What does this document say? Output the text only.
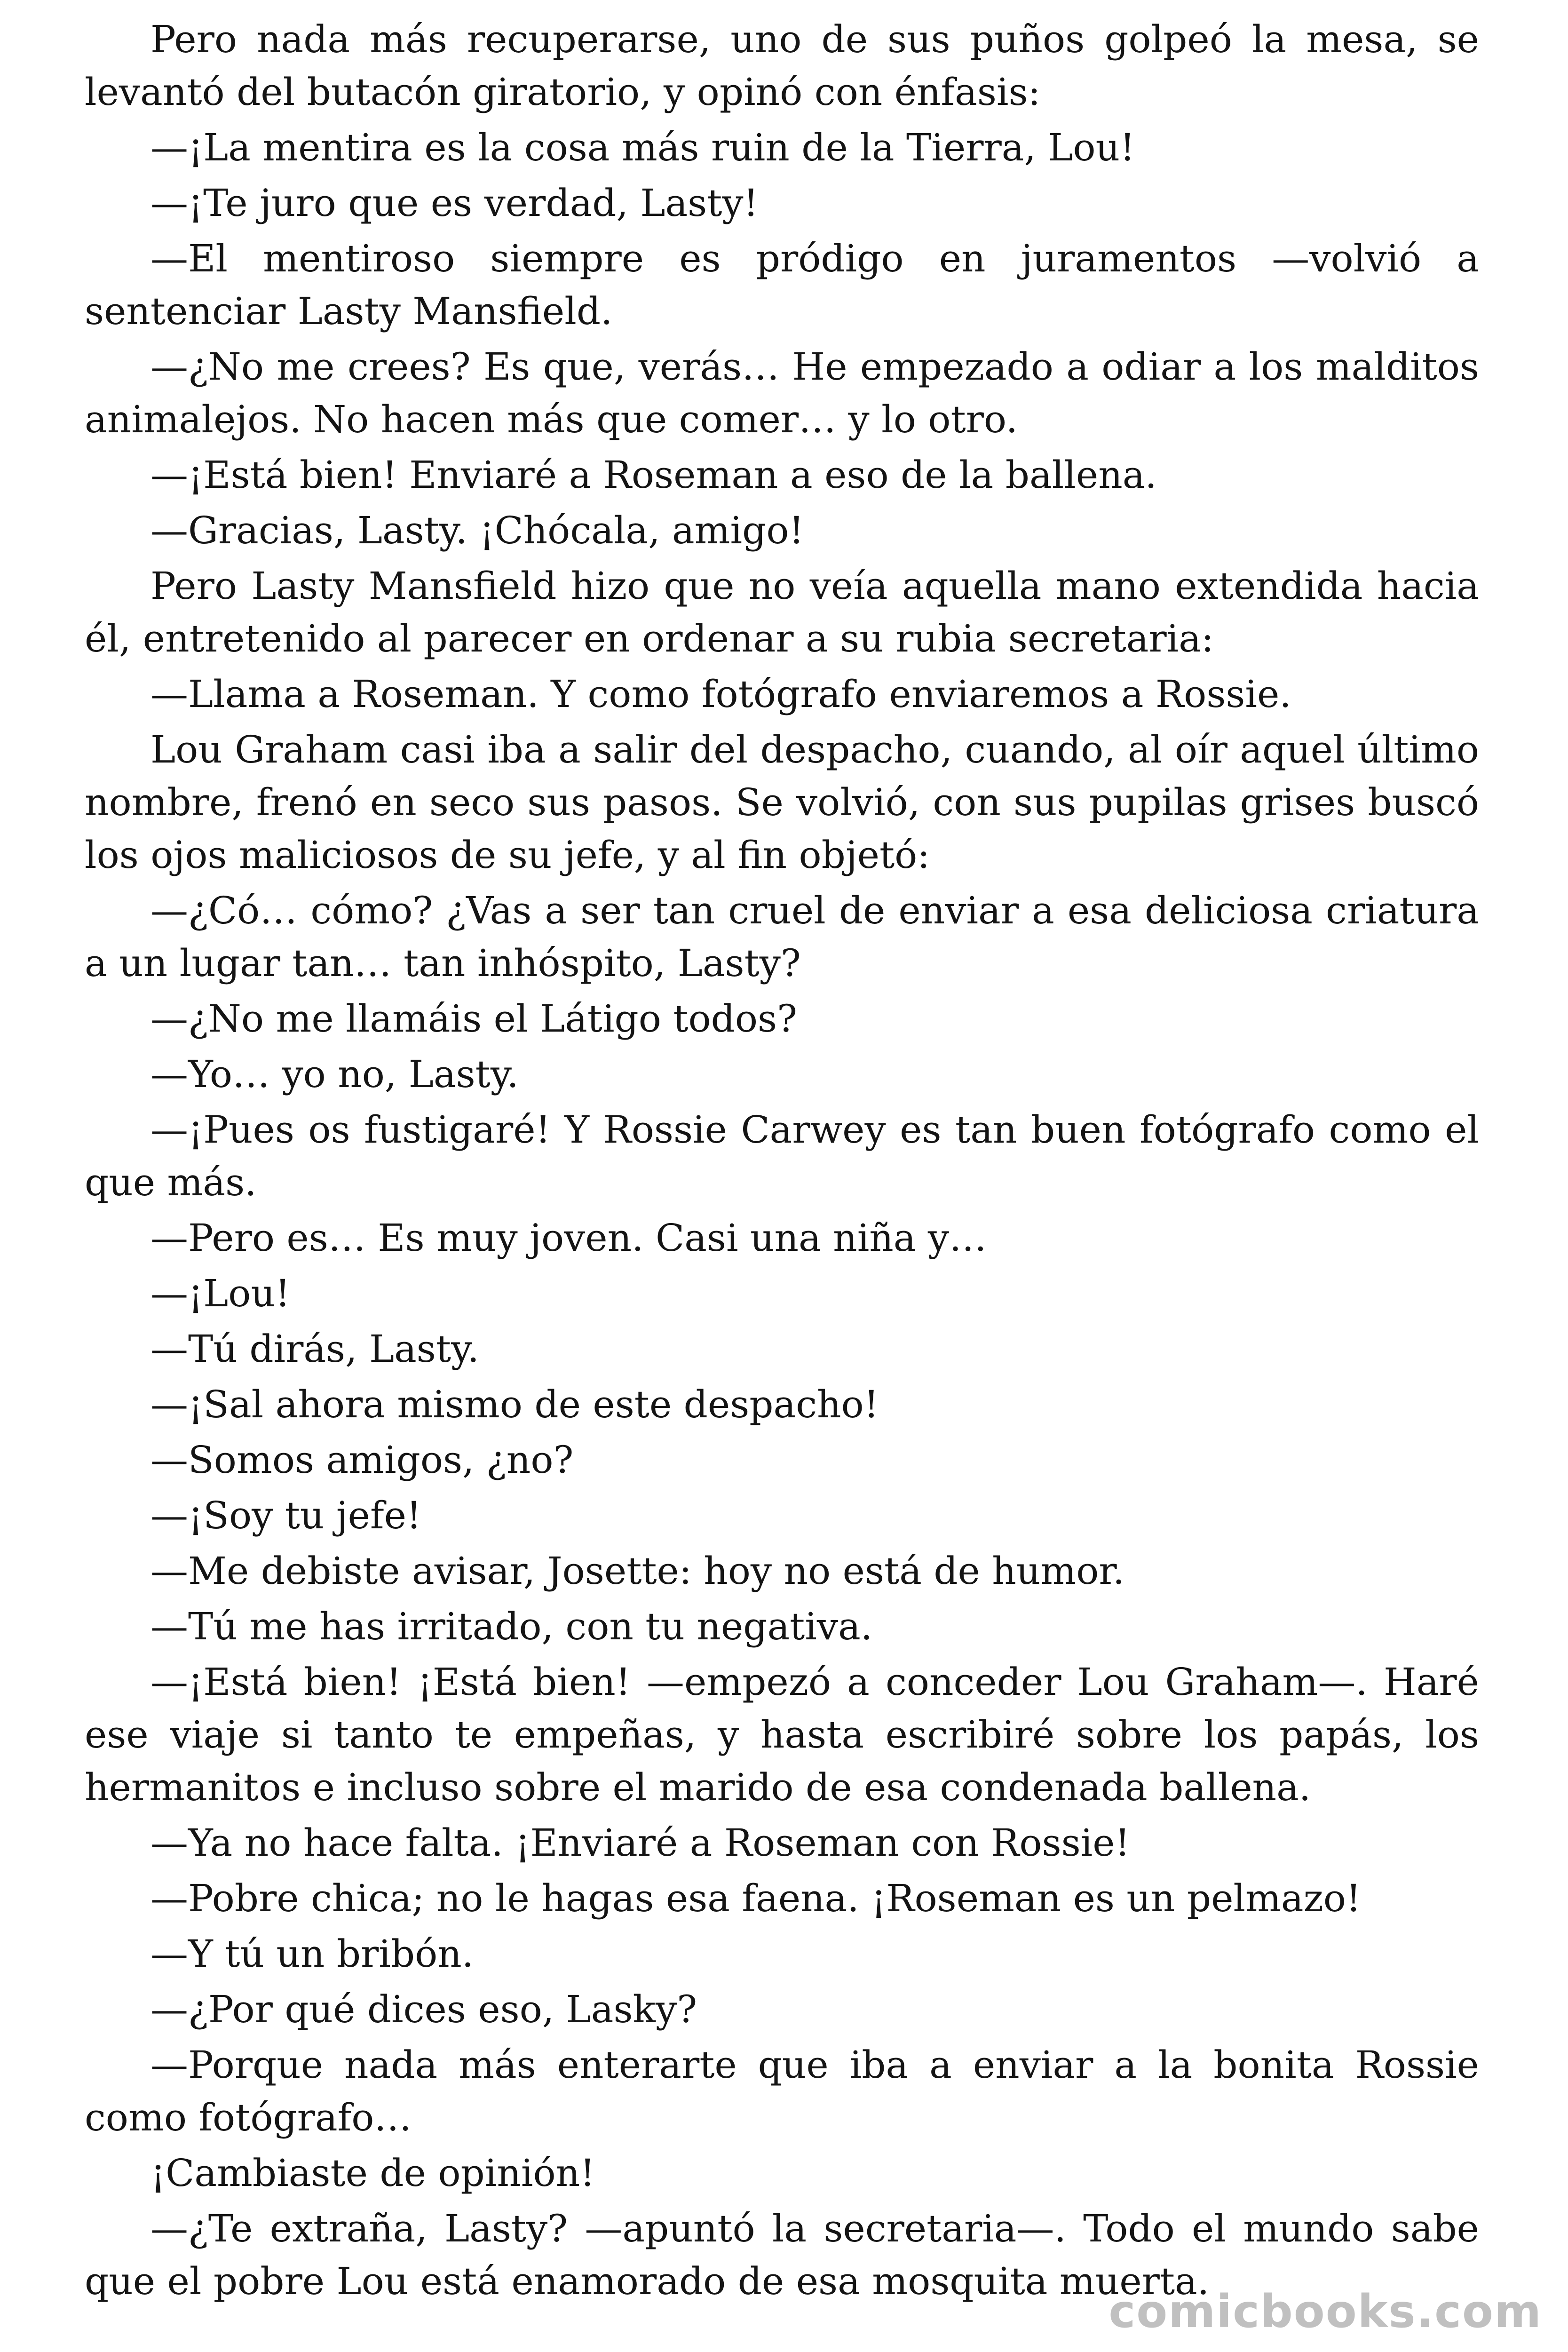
Pero nada más recuperarse, uno de sus puños golpeó la mesa, se levantó del butacón giratorio, y opinó con énfasis:

—¡La mentira es la cosa más ruin de la Tierra, Lou!

—¡Te juro que es verdad, Lasty!

—El mentiroso siempre es pródigo en juramentos —volvió a sentenciar Lasty Mansfield.

—¿No me crees? Es que, verás… He empezado a odiar a los malditos animalejos. No hacen más que comer… y lo otro.

—¡Está bien! Enviaré a Roseman a eso de la ballena.

—Gracias, Lasty. ¡Chócala, amigo!

Pero Lasty Mansfield hizo que no veía aquella mano extendida hacia él, entretenido al parecer en ordenar a su rubia secretaria:

—Llama a Roseman. Y como fotógrafo enviaremos a Rossie.

Lou Graham casi iba a salir del despacho, cuando, al oír aquel último nombre, frenó en seco sus pasos. Se volvió, con sus pupilas grises buscó los ojos maliciosos de su jefe, y al fin objetó:

—¿Có… cómo? ¿Vas a ser tan cruel de enviar a esa deliciosa criatura a un lugar tan… tan inhóspito, Lasty?

—¿No me llamáis el Látigo todos?

—Yo… yo no, Lasty.

—¡Pues os fustigaré! Y Rossie Carwey es tan buen fotógrafo como el que más.

—Pero es… Es muy joven. Casi una niña y…

—¡Lou!

—Tú dirás, Lasty.

—¡Sal ahora mismo de este despacho!

—Somos amigos, ¿no?

—¡Soy tu jefe!

—Me debiste avisar, Josette: hoy no está de humor.

—Tú me has irritado, con tu negativa.

—¡Está bien! ¡Está bien! —empezó a conceder Lou Graham—. Haré ese viaje si tanto te empeñas, y hasta escribiré sobre los papás, los hermanitos e incluso sobre el marido de esa condenada ballena.

—Ya no hace falta. ¡Enviaré a Roseman con Rossie!

—Pobre chica; no le hagas esa faena. ¡Roseman es un pelmazo!

—Y tú un bribón.

—¿Por qué dices eso, Lasky?

—Porque nada más enterarte que iba a enviar a la bonita Rossie como fotógrafo…

¡Cambiaste de opinión!

—¿Te extraña, Lasty? —apuntó la secretaria—. Todo el mundo sabe que el pobre Lou está enamorado de esa mosquita muerta.

comicbooks.com
